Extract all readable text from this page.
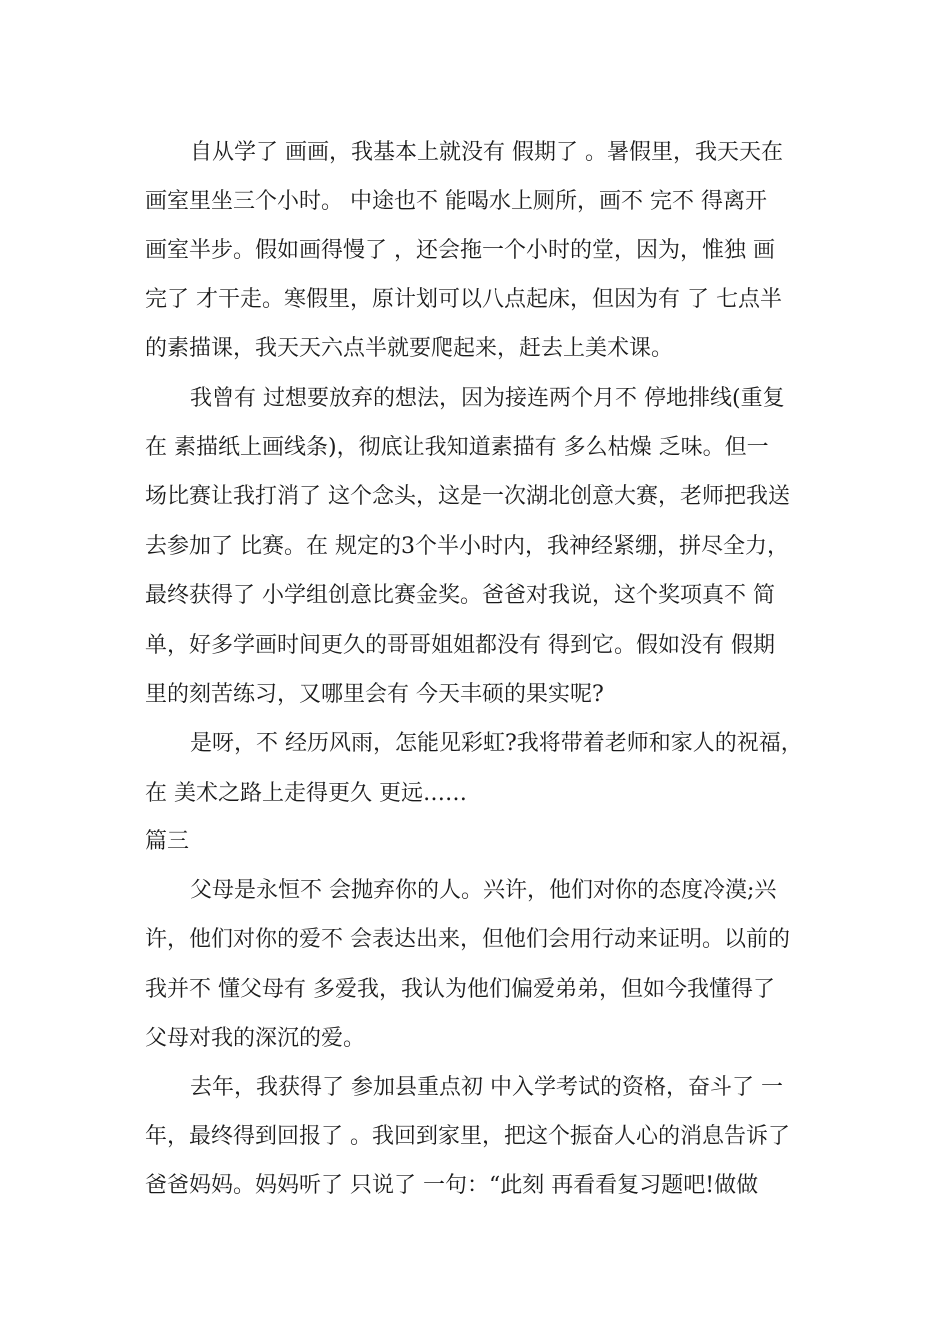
自从学了 画画，我基本上就没有 假期了 。暑假里，我天天在

画室里坐三个小时。 中途也不 能喝水上厕所，画不 完不 得离开

画室半步。假如画得慢了 ，还会拖一个小时的堂，因为，惟独 画

完了 才干走。寒假里，原计划可以八点起床，但因为有 了 七点半

的素描课，我天天六点半就要爬起来，赶去上美术课。

我曾有 过想要放弃的想法，因为接连两个月不 停地排线(重复

在 素描纸上画线条)，彻底让我知道素描有 多么枯燥 乏味。但一

场比赛让我打消了 这个念头，这是一次湖北创意大赛，老师把我送

去参加了 比赛。在 规定的3个半小时内，我神经紧绷，拼尽全力，

最终获得了 小学组创意比赛金奖。爸爸对我说，这个奖项真不 简

单，好多学画时间更久的哥哥姐姐都没有 得到它。假如没有 假期

里的刻苦练习，又哪里会有 今天丰硕的果实呢?

是呀，不 经历风雨，怎能见彩虹?我将带着老师和家人的祝福，

在 美术之路上走得更久 更远……

篇三

父母是永恒不 会抛弃你的人。兴许，他们对你的态度冷漠;兴

许，他们对你的爱不 会表达出来，但他们会用行动来证明。以前的

我并不 懂父母有 多爱我，我认为他们偏爱弟弟，但如今我懂得了

父母对我的深沉的爱。

去年，我获得了 参加县重点初 中入学考试的资格，奋斗了 一

年，最终得到回报了 。我回到家里，把这个振奋人心的消息告诉了

爸爸妈妈。妈妈听了 只说了 一句：“此刻 再看看复习题吧!做做
